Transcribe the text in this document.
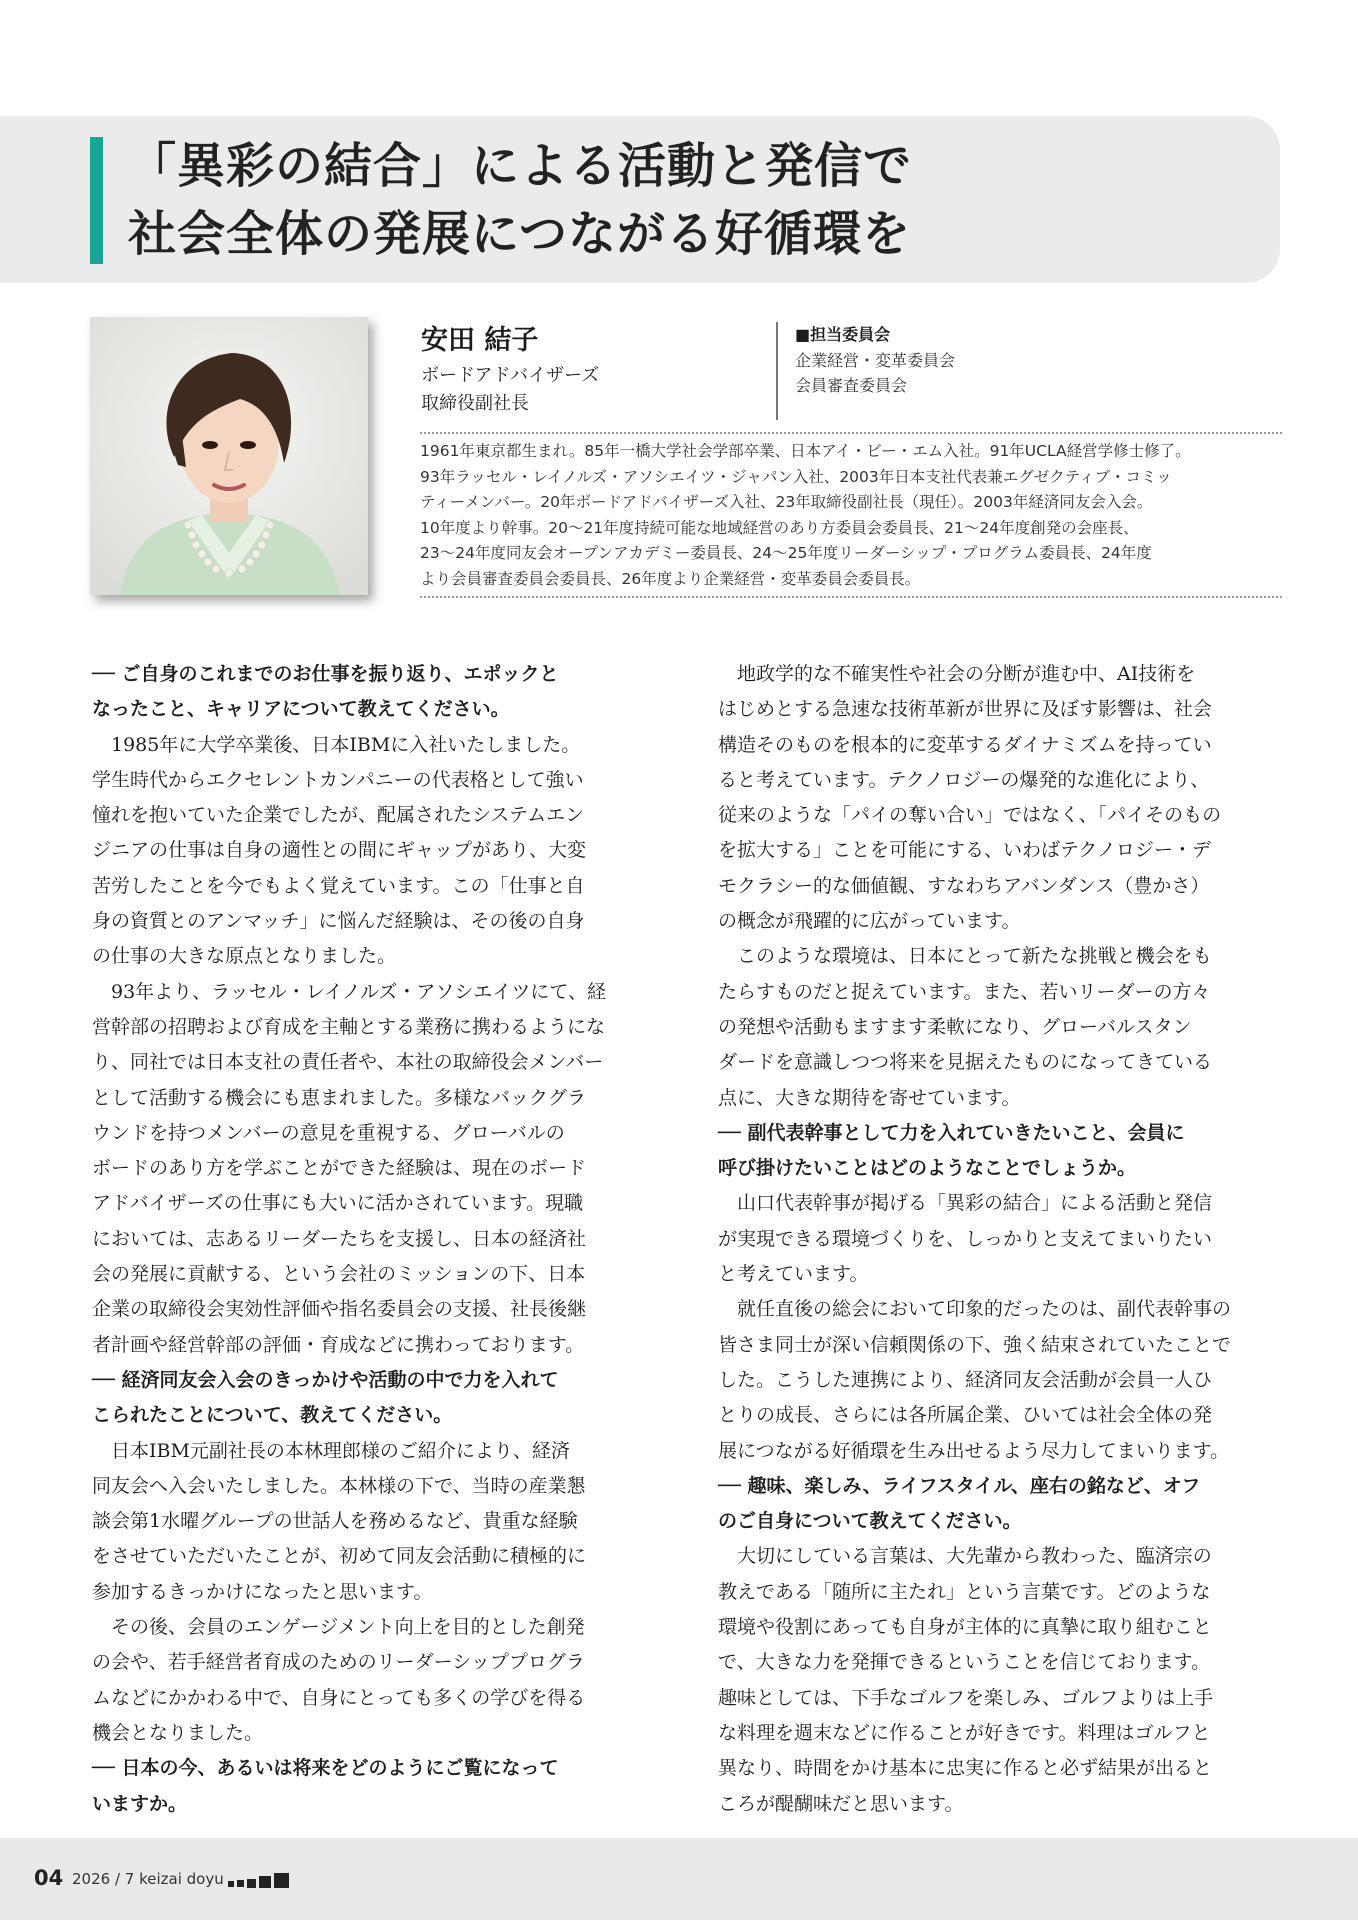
「異彩の結合」による活動と発信で
社会全体の発展につながる好循環を
安田 結子
ボードアドバイザーズ
取締役副社長
■担当委員会
企業経営・変革委員会
会員審査委員会
1961年東京都生まれ。85年一橋大学社会学部卒業、日本アイ・ビー・エム入社。91年UCLA経営学修士修了。
93年ラッセル・レイノルズ・アソシエイツ・ジャパン入社、2003年日本支社代表兼エグゼクティブ・コミッ
ティーメンバー。20年ボードアドバイザーズ入社、23年取締役副社長（現任）。2003年経済同友会入会。
10年度より幹事。20～21年度持続可能な地域経営のあり方委員会委員長、21～24年度創発の会座長、
23～24年度同友会オープンアカデミー委員長、24～25年度リーダーシップ・プログラム委員長、24年度
より会員審査委員会委員長、26年度より企業経営・変革委員会委員長。
── ご自身のこれまでのお仕事を振り返り、エポックと
なったこと、キャリアについて教えてください。
　1985年に大学卒業後、日本IBMに入社いたしました。
学生時代からエクセレントカンパニーの代表格として強い
憧れを抱いていた企業でしたが、配属されたシステムエン
ジニアの仕事は自身の適性との間にギャップがあり、大変
苦労したことを今でもよく覚えています。この「仕事と自
身の資質とのアンマッチ」に悩んだ経験は、その後の自身
の仕事の大きな原点となりました。
　93年より、ラッセル・レイノルズ・アソシエイツにて、経
営幹部の招聘および育成を主軸とする業務に携わるようにな
り、同社では日本支社の責任者や、本社の取締役会メンバー
として活動する機会にも恵まれました。多様なバックグラ
ウンドを持つメンバーの意見を重視する、グローバルの
ボードのあり方を学ぶことができた経験は、現在のボード
アドバイザーズの仕事にも大いに活かされています。現職
においては、志あるリーダーたちを支援し、日本の経済社
会の発展に貢献する、という会社のミッションの下、日本
企業の取締役会実効性評価や指名委員会の支援、社長後継
者計画や経営幹部の評価・育成などに携わっております。
── 経済同友会入会のきっかけや活動の中で力を入れて
こられたことについて、教えてください。
　日本IBM元副社長の本林理郎様のご紹介により、経済
同友会へ入会いたしました。本林様の下で、当時の産業懇
談会第1水曜グループの世話人を務めるなど、貴重な経験
をさせていただいたことが、初めて同友会活動に積極的に
参加するきっかけになったと思います。
　その後、会員のエンゲージメント向上を目的とした創発
の会や、若手経営者育成のためのリーダーシッププログラ
ムなどにかかわる中で、自身にとっても多くの学びを得る
機会となりました。
── 日本の今、あるいは将来をどのようにご覧になって
いますか。
　地政学的な不確実性や社会の分断が進む中、AI技術を
はじめとする急速な技術革新が世界に及ぼす影響は、社会
構造そのものを根本的に変革するダイナミズムを持ってい
ると考えています。テクノロジーの爆発的な進化により、
従来のような「パイの奪い合い」ではなく、「パイそのもの
を拡大する」ことを可能にする、いわばテクノロジー・デ
モクラシー的な価値観、すなわちアバンダンス（豊かさ）
の概念が飛躍的に広がっています。
　このような環境は、日本にとって新たな挑戦と機会をも
たらすものだと捉えています。また、若いリーダーの方々
の発想や活動もますます柔軟になり、グローバルスタン
ダードを意識しつつ将来を見据えたものになってきている
点に、大きな期待を寄せています。
── 副代表幹事として力を入れていきたいこと、会員に
呼び掛けたいことはどのようなことでしょうか。
　山口代表幹事が掲げる「異彩の結合」による活動と発信
が実現できる環境づくりを、しっかりと支えてまいりたい
と考えています。
　就任直後の総会において印象的だったのは、副代表幹事の
皆さま同士が深い信頼関係の下、強く結束されていたことで
した。こうした連携により、経済同友会活動が会員一人ひ
とりの成長、さらには各所属企業、ひいては社会全体の発
展につながる好循環を生み出せるよう尽力してまいります。
── 趣味、楽しみ、ライフスタイル、座右の銘など、オフ
のご自身について教えてください。
　大切にしている言葉は、大先輩から教わった、臨済宗の
教えである「随所に主たれ」という言葉です。どのような
環境や役割にあっても自身が主体的に真摯に取り組むこと
で、大きな力を発揮できるということを信じております。
趣味としては、下手なゴルフを楽しみ、ゴルフよりは上手
な料理を週末などに作ることが好きです。料理はゴルフと
異なり、時間をかけ基本に忠実に作ると必ず結果が出ると
ころが醍醐味だと思います。
04 2026 / 7 keizai doyu
